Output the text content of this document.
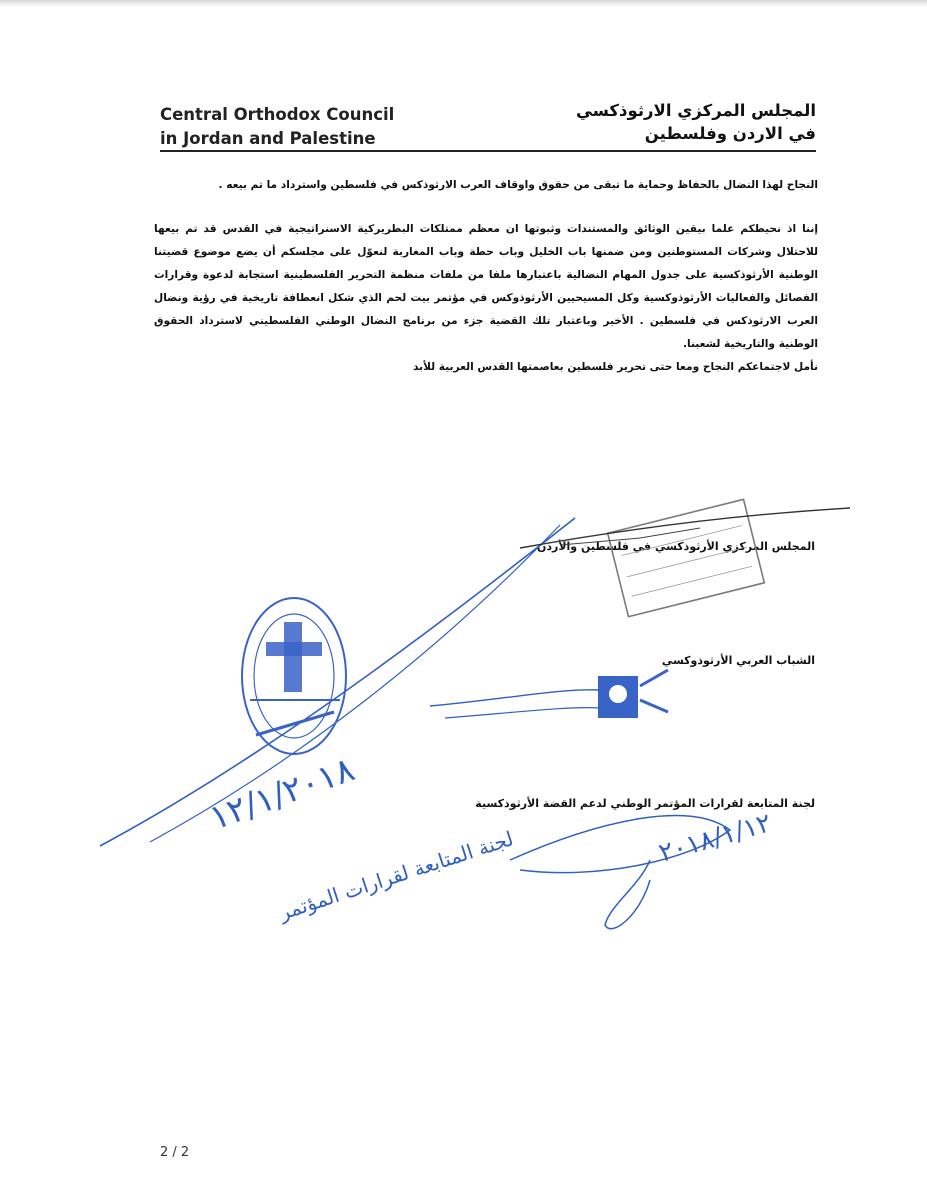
Central Orthodox Council
in Jordan and Palestine
المجلس المركزي الارثوذكسي
في الاردن وفلسطين

النجاح لهذا النضال بالحفاظ وحماية ما تبقى من حقوق واوقاف العرب الارثوذكس في فلسطين واسترداد ما تم بيعه .

إننا اذ نحيطكم علما بيقين الوثائق والمستندات وثبوتها ان معظم ممتلكات البطريركية الاسنراتيجية في القدس قد تم بيعها للاحتلال وشركات المستوطنين ومن ضمنها باب الخليل وباب حطة وباب المغاربة لنعوّل على مجلسكم أن يضع موضوع قضيتنا الوطنية الأرثوذكسية على جدول المهام النضالية باعتبارها ملفا من ملفات منظمة التحرير الفلسطينية استجابة لدعوة وقرارات الفصائل والفعاليات الأرثوذوكسية وكل المسيحيين الأرثوذوكس في مؤتمر بيت لحم الذي شكل انعطافة تاريخية في رؤية ونضال العرب الارثوذكس في فلسطين . الأخير وباعتبار تلك القضية جزء من برنامج النضال الوطني الفلسطيني لاسترداد الحقوق الوطنية والتاريخية لشعبنا.

نأمل لاجتماعكم النجاح ومعا حتى تحرير فلسطين بعاصمتها القدس العربية للأبد

المجلس المركزي الأرثوذكسي في فلسطين والأردن
الشباب العربي الأرثوذوكسي
لجنة المتابعة لقرارات المؤتمر الوطني لدعم القضة الأرثوذكسية
١٢/١/٢٠١٨	٢٠١٨/١/١٢
لجنة المتابعة لقرارات المؤتمر
2 / 2
